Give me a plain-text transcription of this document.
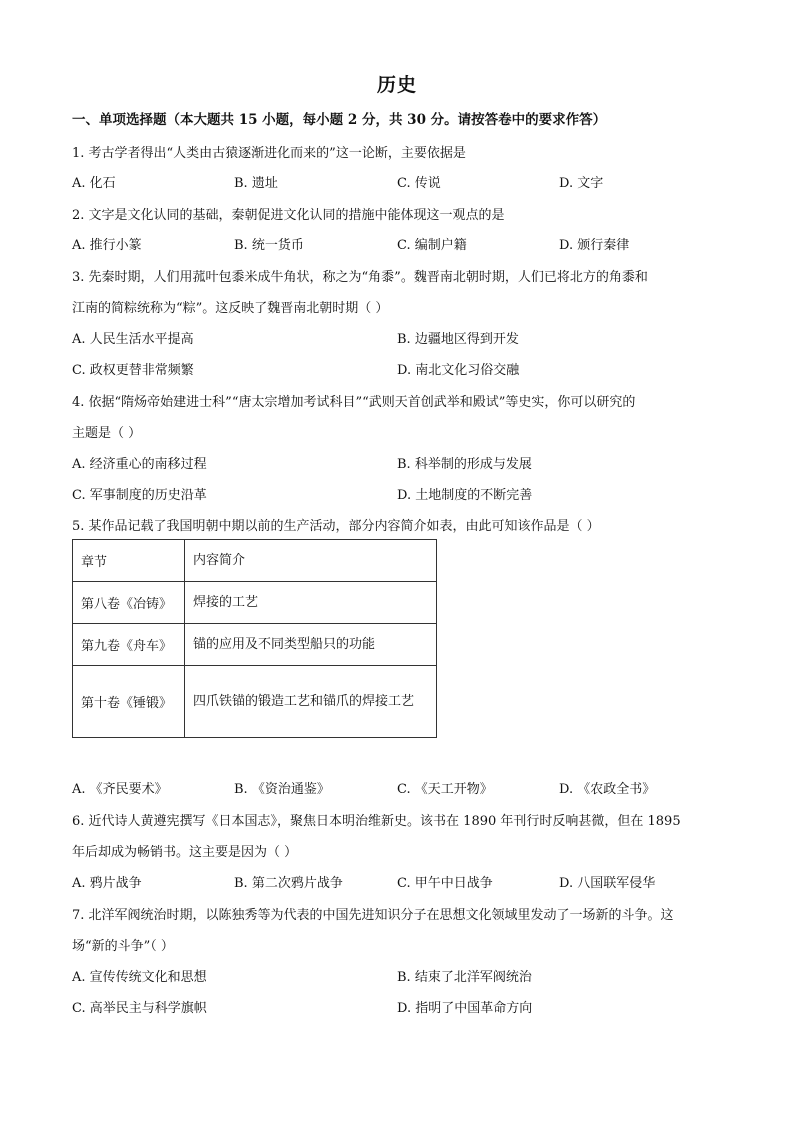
历史
一、单项选择题（本大题共 15 小题，每小题 2 分，共 30 分。请按答卷中的要求作答）
1. 考古学者得出“人类由古猿逐渐进化而来的”这一论断，主要依据是
A. 化石	B. 遗址	C. 传说	D. 文字
2. 文字是文化认同的基础，秦朝促进文化认同的措施中能体现这一观点的是
A. 推行小篆	B. 统一货币	C. 编制户籍	D. 颁行秦律
3. 先秦时期，人们用菰叶包黍米成牛角状，称之为“角黍”。魏晋南北朝时期，人们已将北方的角黍和
江南的简粽统称为“粽”。这反映了魏晋南北朝时期（ ）
A. 人民生活水平提高	B. 边疆地区得到开发
C. 政权更替非常频繁	D. 南北文化习俗交融
4. 依据“隋炀帝始建进士科”“唐太宗增加考试科目”“武则天首创武举和殿试”等史实，你可以研究的
主题是（ ）
A. 经济重心的南移过程	B. 科举制的形成与发展
C. 军事制度的历史沿革	D. 土地制度的不断完善
5. 某作品记载了我国明朝中期以前的生产活动，部分内容简介如表，由此可知该作品是（ ）
章节	内容简介
第八卷《冶铸》	焊接的工艺
第九卷《舟车》	锚的应用及不同类型船只的功能
第十卷《锤锻》	四爪铁锚的锻造工艺和锚爪的焊接工艺
A. 《齐民要术》	B. 《资治通鉴》	C. 《天工开物》	D. 《农政全书》
6. 近代诗人黄遵宪撰写《日本国志》，聚焦日本明治维新史。该书在 1890 年刊行时反响甚微，但在 1895
年后却成为畅销书。这主要是因为（ ）
A. 鸦片战争	B. 第二次鸦片战争	C. 甲午中日战争	D. 八国联军侵华
7. 北洋军阀统治时期，以陈独秀等为代表的中国先进知识分子在思想文化领域里发动了一场新的斗争。这
场“新的斗争”（ ）
A. 宣传传统文化和思想	B. 结束了北洋军阀统治
C. 高举民主与科学旗帜	D. 指明了中国革命方向
